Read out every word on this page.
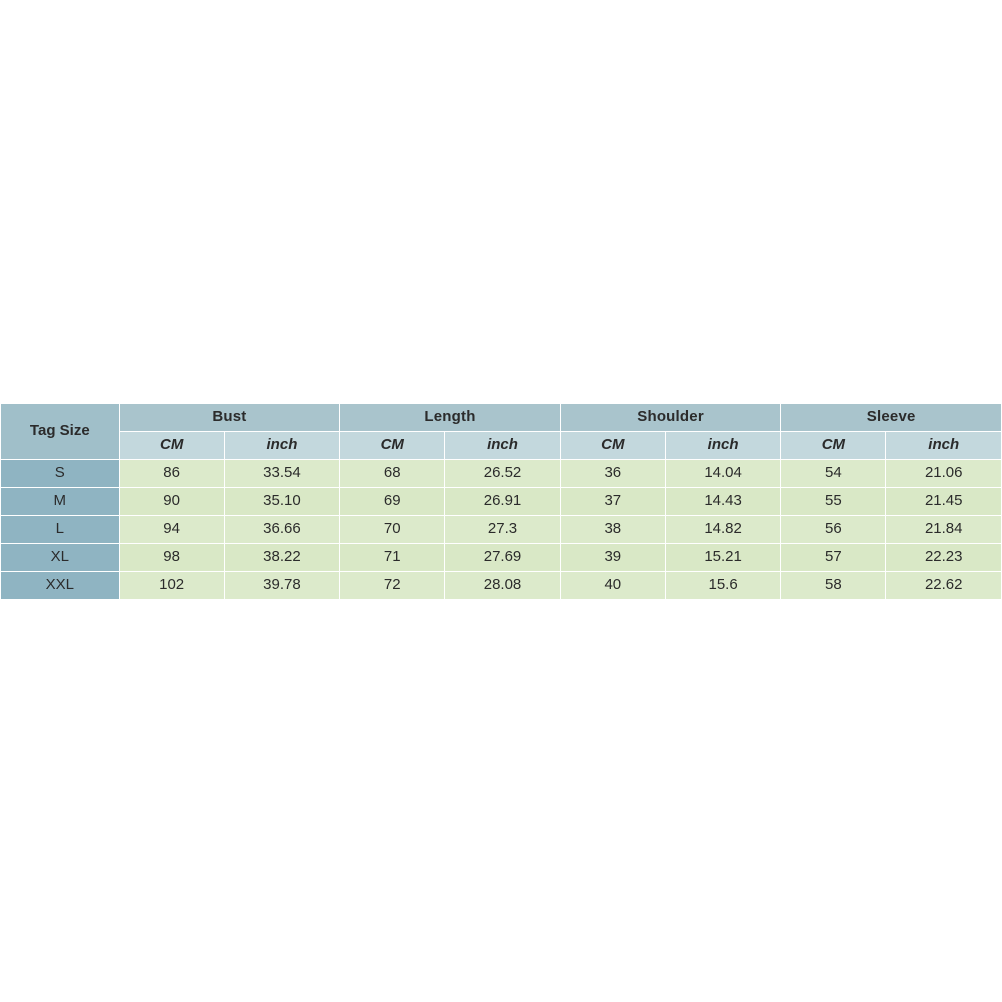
Tag Size	Bust		Length		Shoulder		Sleeve	
	CM	inch	CM	inch	CM	inch	CM	inch
S	86	33.54	68	26.52	36	14.04	54	21.06
M	90	35.10	69	26.91	37	14.43	55	21.45
L	94	36.66	70	27.3	38	14.82	56	21.84
XL	98	38.22	71	27.69	39	15.21	57	22.23
XXL	102	39.78	72	28.08	40	15.6	58	22.62
